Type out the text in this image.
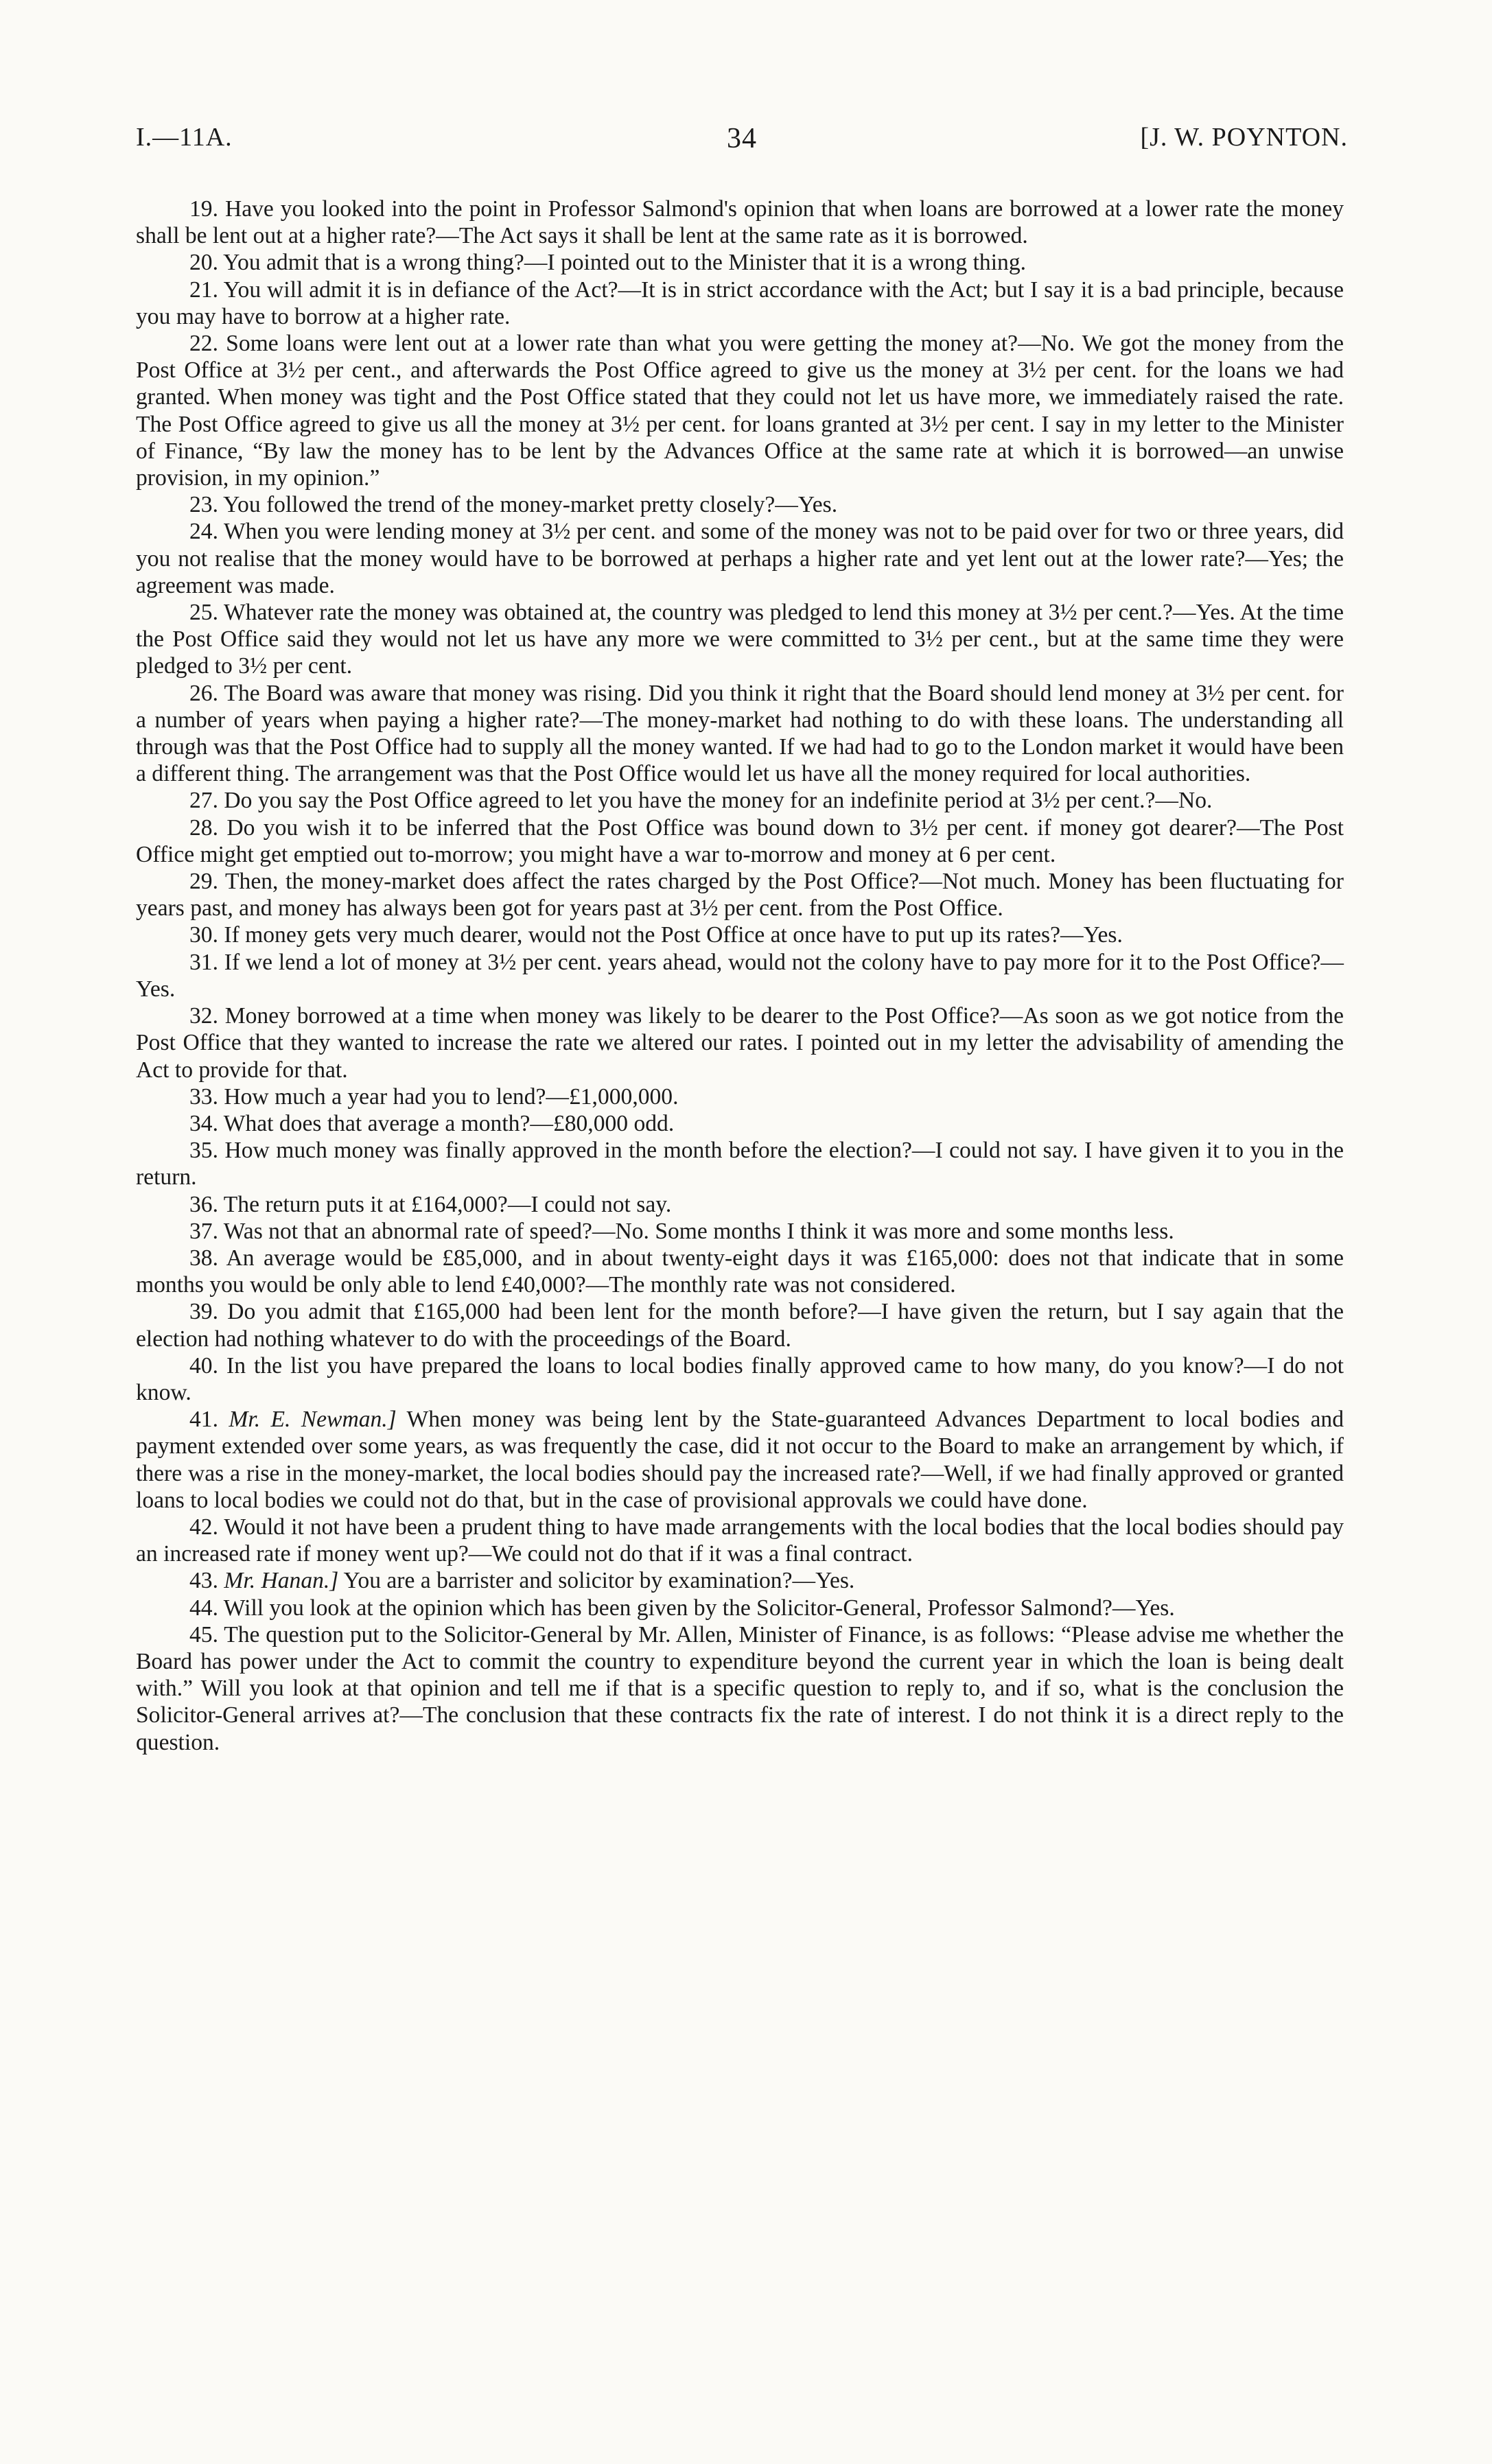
I.—11A.	34	[J. W. POYNTON.

19. Have you looked into the point in Professor Salmond's opinion that when loans are borrowed at a lower rate the money shall be lent out at a higher rate?—The Act says it shall be lent at the same rate as it is borrowed.

20. You admit that is a wrong thing?—I pointed out to the Minister that it is a wrong thing.

21. You will admit it is in defiance of the Act?—It is in strict accordance with the Act; but I say it is a bad principle, because you may have to borrow at a higher rate.

22. Some loans were lent out at a lower rate than what you were getting the money at?—No. We got the money from the Post Office at 3½ per cent., and afterwards the Post Office agreed to give us the money at 3½ per cent. for the loans we had granted. When money was tight and the Post Office stated that they could not let us have more, we immediately raised the rate. The Post Office agreed to give us all the money at 3½ per cent. for loans granted at 3½ per cent. I say in my letter to the Minister of Finance, “By law the money has to be lent by the Advances Office at the same rate at which it is borrowed—an unwise provision, in my opinion.”

23. You followed the trend of the money-market pretty closely?—Yes.

24. When you were lending money at 3½ per cent. and some of the money was not to be paid over for two or three years, did you not realise that the money would have to be borrowed at perhaps a higher rate and yet lent out at the lower rate?—Yes; the agreement was made.

25. Whatever rate the money was obtained at, the country was pledged to lend this money at 3½ per cent.?—Yes. At the time the Post Office said they would not let us have any more we were committed to 3½ per cent., but at the same time they were pledged to 3½ per cent.

26. The Board was aware that money was rising. Did you think it right that the Board should lend money at 3½ per cent. for a number of years when paying a higher rate?—The money-market had nothing to do with these loans. The understanding all through was that the Post Office had to supply all the money wanted. If we had had to go to the London market it would have been a different thing. The arrangement was that the Post Office would let us have all the money required for local authorities.

27. Do you say the Post Office agreed to let you have the money for an indefinite period at 3½ per cent.?—No.

28. Do you wish it to be inferred that the Post Office was bound down to 3½ per cent. if money got dearer?—The Post Office might get emptied out to-morrow; you might have a war to-morrow and money at 6 per cent.

29. Then, the money-market does affect the rates charged by the Post Office?—Not much. Money has been fluctuating for years past, and money has always been got for years past at 3½ per cent. from the Post Office.

30. If money gets very much dearer, would not the Post Office at once have to put up its rates?—Yes.

31. If we lend a lot of money at 3½ per cent. years ahead, would not the colony have to pay more for it to the Post Office?—Yes.

32. Money borrowed at a time when money was likely to be dearer to the Post Office?—As soon as we got notice from the Post Office that they wanted to increase the rate we altered our rates. I pointed out in my letter the advisability of amending the Act to provide for that.

33. How much a year had you to lend?—£1,000,000.

34. What does that average a month?—£80,000 odd.

35. How much money was finally approved in the month before the election?—I could not say. I have given it to you in the return.

36. The return puts it at £164,000?—I could not say.

37. Was not that an abnormal rate of speed?—No. Some months I think it was more and some months less.

38. An average would be £85,000, and in about twenty-eight days it was £165,000: does not that indicate that in some months you would be only able to lend £40,000?—The monthly rate was not considered.

39. Do you admit that £165,000 had been lent for the month before?—I have given the return, but I say again that the election had nothing whatever to do with the proceedings of the Board.

40. In the list you have prepared the loans to local bodies finally approved came to how many, do you know?—I do not know.

41. Mr. E. Newman.] When money was being lent by the State-guaranteed Advances Department to local bodies and payment extended over some years, as was frequently the case, did it not occur to the Board to make an arrangement by which, if there was a rise in the money-market, the local bodies should pay the increased rate?—Well, if we had finally approved or granted loans to local bodies we could not do that, but in the case of provisional approvals we could have done.

42. Would it not have been a prudent thing to have made arrangements with the local bodies that the local bodies should pay an increased rate if money went up?—We could not do that if it was a final contract.

43. Mr. Hanan.] You are a barrister and solicitor by examination?—Yes.

44. Will you look at the opinion which has been given by the Solicitor-General, Professor Salmond?—Yes.

45. The question put to the Solicitor-General by Mr. Allen, Minister of Finance, is as follows: “Please advise me whether the Board has power under the Act to commit the country to expenditure beyond the current year in which the loan is being dealt with.” Will you look at that opinion and tell me if that is a specific question to reply to, and if so, what is the conclusion the Solicitor-General arrives at?—The conclusion that these contracts fix the rate of interest. I do not think it is a direct reply to the question.
